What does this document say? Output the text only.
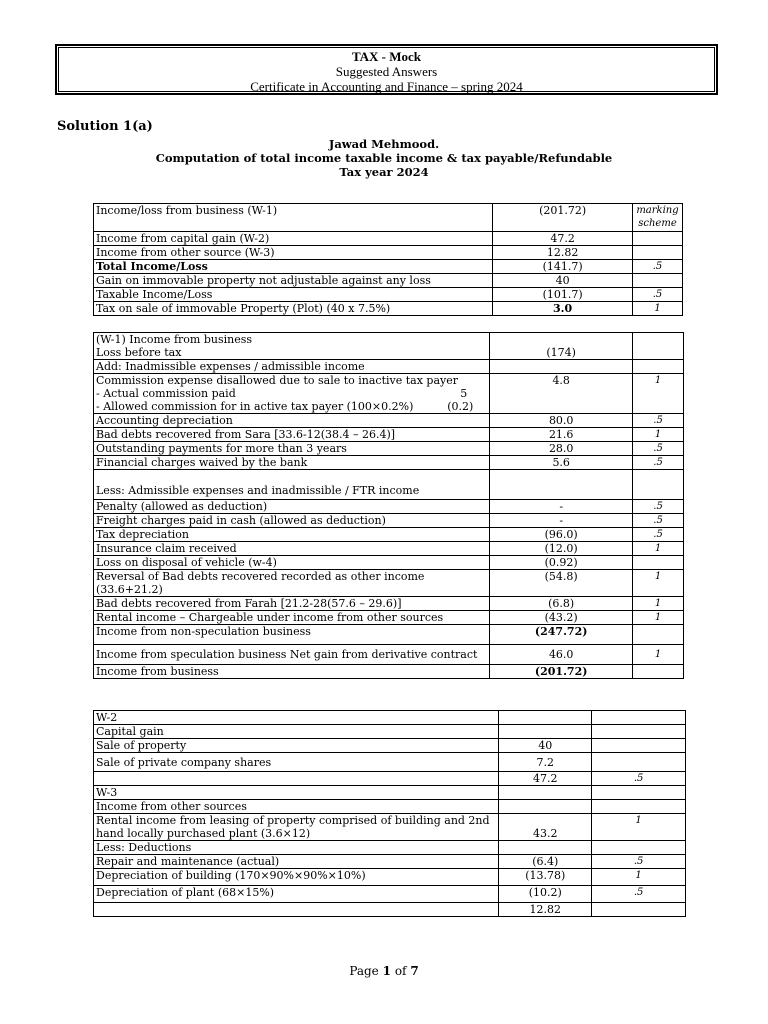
TAX - Mock
Suggested Answers
Certificate in Accounting and Finance – spring 2024
Solution 1(a)
Jawad Mehmood.
Computation of total income taxable income & tax payable/Refundable
Tax year 2024
Income/loss from business (W-1)	(201.72)	marking scheme
Income from capital gain (W-2)	47.2	
Income from other source (W-3)	12.82	
Total Income/Loss	(141.7)	.5
Gain on immovable property not adjustable against any loss	40	
Taxable Income/Loss	(101.7)	.5
Tax on sale of immovable Property (Plot) (40 x 7.5%)	3.0	1
(W-1) Income from business
Loss before tax	(174)	
Add: Inadmissible expenses / admissible income		

Commission expense disallowed due to sale to inactive tax payer
- Actual commission paid 5
- Allowed commission for in active tax payer (100×0.2%) (0.2)	4.8	1
Accounting depreciation	80.0	.5
Bad debts recovered from Sara [33.6-12(38.4 – 26.4)]	21.6	1
Outstanding payments for more than 3 years	28.0	.5
Financial charges waived by the bank	5.6	.5
Less: Admissible expenses and inadmissible / FTR income		
Penalty (allowed as deduction)	-	.5
Freight charges paid in cash (allowed as deduction)	-	.5
Tax depreciation	(96.0)	.5
Insurance claim received	(12.0)	1
Loss on disposal of vehicle (w-4)	(0.92)	
Reversal of Bad debts recovered recorded as other income (33.6+21.2)	(54.8)	1
Bad debts recovered from Farah [21.2-28(57.6 – 29.6)]	(6.8)	1
Rental income – Chargeable under income from other sources	(43.2)	1
Income from non-speculation business	(247.72)	
Income from speculation business Net gain from derivative contract	46.0	1
Income from business	(201.72)	
W-2		
Capital gain		
Sale of property	40	
Sale of private company shares	7.2	
	47.2	.5
W-3		
Income from other sources		
Rental income from leasing of property comprised of building and 2nd hand locally purchased plant (3.6×12)	43.2	1
Less: Deductions		
Repair and maintenance (actual)	(6.4)	.5
Depreciation of building (170×90%×90%×10%)	(13.78)	1
Depreciation of plant (68×15%)	(10.2)	.5
	12.82	
Page 1 of 7
